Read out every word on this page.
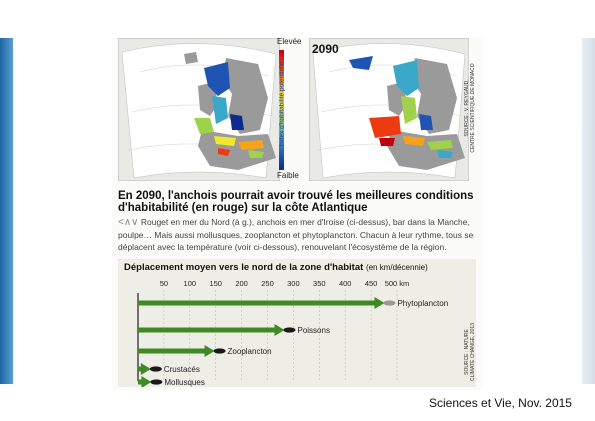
Elevée
Index d'habitabilité potentielle
Faible
2090
SOURCE : V. REYGAUD,
CENTRE SCIENTIFIQUE DE MONACO
En 2090, l'anchois pourrait avoir trouvé les meilleures conditions d'habitabilité (en rouge) sur la côte Atlantique
<∧∨ Rouget en mer du Nord (à g.), anchois en mer d'Iroise (ci-dessus), bar dans la Manche, poulpe… Mais aussi mollusques, zooplancton et phytoplancton. Chacun à leur rythme, tous se déplacent avec la température (voir ci-dessous), renouvelant l'écosystème de la région.
Déplacement moyen vers le nord de la zone d'habitat (en km/décennie)
50 100 150 200 250 300 350 400 450 500 km
Phytoplancton
Poissons
Zooplancton
Crustacés
Mollusques
SOURCE : NATURE
CLIMATE CHANGE, 2013
Sciences et Vie, Nov. 2015
